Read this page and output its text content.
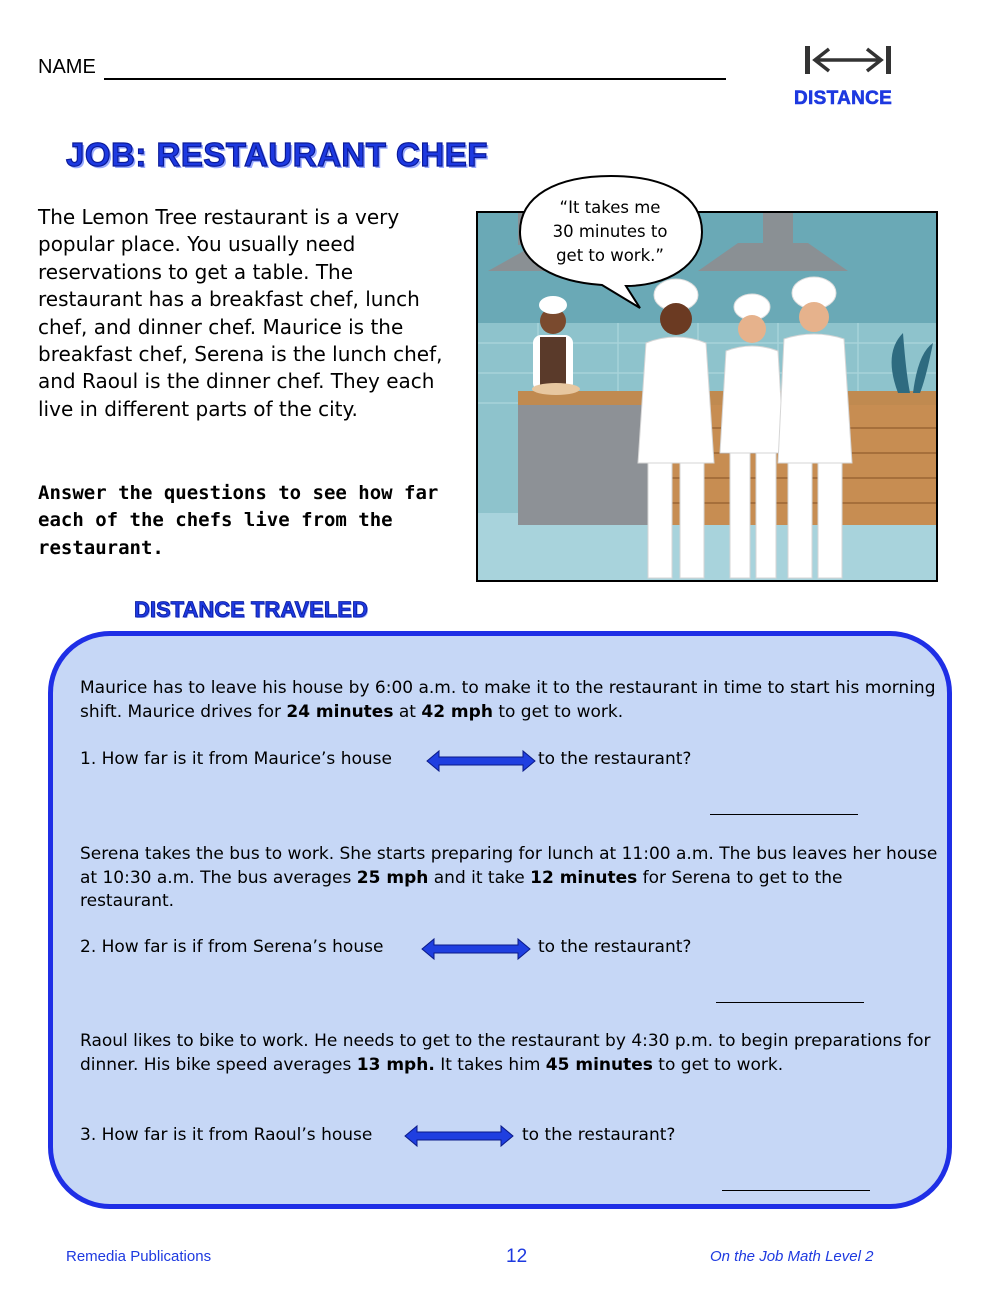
NAME
DISTANCE
JOB: RESTAURANT CHEF
The Lemon Tree restaurant is a very popular place. You usually need reservations to get a table. The restaurant has a breakfast chef, lunch chef, and dinner chef. Maurice is the breakfast chef, Serena is the lunch chef, and Raoul is the dinner chef. They each live in different parts of the city.
Answer the questions to see how far each of the chefs live from the restaurant.
“It takes me
30 minutes to
get to work.”
DISTANCE TRAVELED
Maurice has to leave his house by 6:00 a.m. to make it to the restaurant in time to start his morning shift. Maurice drives for 24 minutes at 42 mph to get to work.
1. How far is it from Maurice’s house	to the restaurant?
Serena takes the bus to work. She starts preparing for lunch at 11:00 a.m. The bus leaves her house at 10:30 a.m. The bus averages 25 mph and it take 12 minutes for Serena to get to the restaurant.
2. How far is if from Serena’s house	to the restaurant?
Raoul likes to bike to work. He needs to get to the restaurant by 4:30 p.m. to begin preparations for dinner. His bike speed averages 13 mph. It takes him 45 minutes to get to work.
3. How far is it from Raoul’s house	to the restaurant?
Remedia Publications	12	On the Job Math Level 2
